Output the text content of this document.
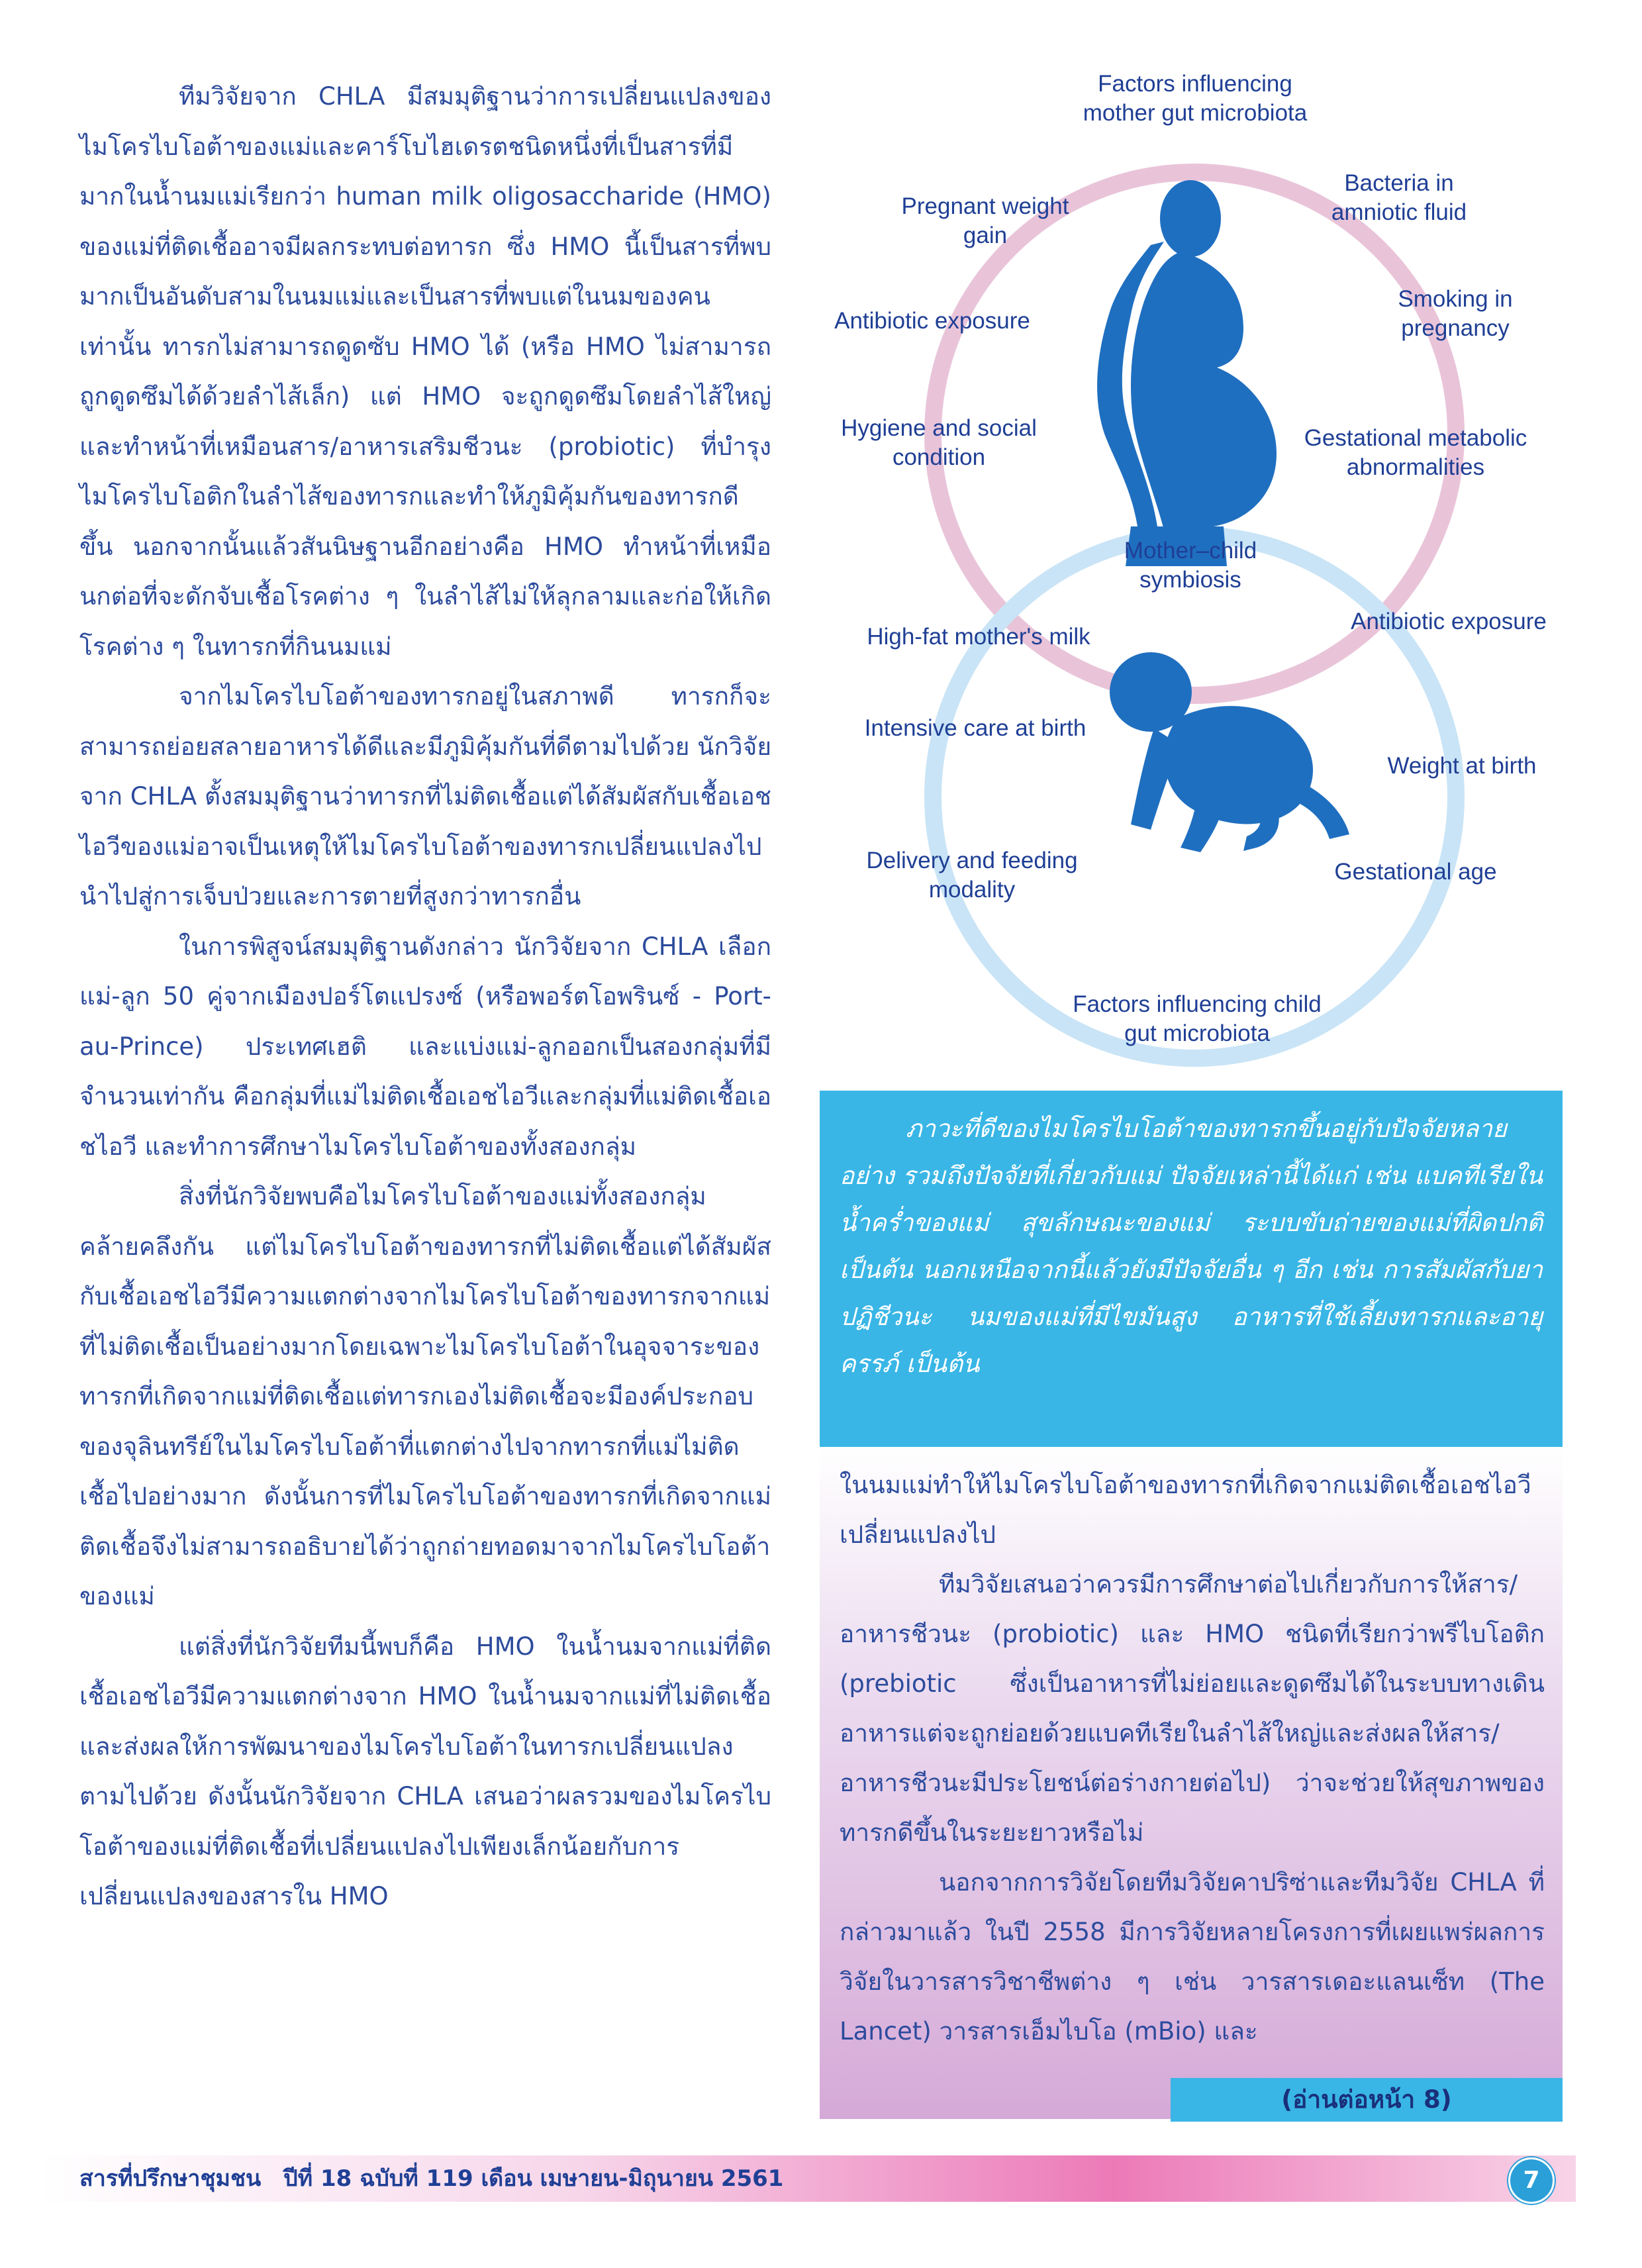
ทีมวิจัยจาก CHLA มีสมมุติฐานว่าการเปลี่ยนแปลงของไมโครไบโอต้าของแม่และคาร์โบไฮเดรตชนิดหนึ่งที่เป็นสารที่มีมากในน้ำนมแม่เรียกว่า human milk oligosaccharide (HMO) ของแม่ที่ติดเชื้ออาจมีผลกระทบต่อทารก ซึ่ง HMO นี้เป็นสารที่พบมากเป็นอันดับสามในนมแม่และเป็นสารที่พบแต่ในนมของคนเท่านั้น ทารกไม่สามารถดูดซับ HMO ได้ (หรือ HMO ไม่สามารถถูกดูดซึมได้ด้วยลำไส้เล็ก) แต่ HMO จะถูกดูดซึมโดยลำไส้ใหญ่และทำหน้าที่เหมือนสาร/อาหารเสริมชีวนะ (probiotic) ที่บำรุงไมโครไบโอติกในลำไส้ของทารกและทำให้ภูมิคุ้มกันของทารกดีขึ้น นอกจากนั้นแล้วสันนิษฐานอีกอย่างคือ HMO ทำหน้าที่เหมือนกต่อที่จะดักจับเชื้อโรคต่าง ๆ ในลำไส้ไม่ให้ลุกลามและก่อให้เกิดโรคต่าง ๆ ในทารกที่กินนมแม่

จากไมโครไบโอต้าของทารกอยู่ในสภาพดี ทารกก็จะสามารถย่อยสลายอาหารได้ดีและมีภูมิคุ้มกันที่ดีตามไปด้วย นักวิจัยจาก CHLA ตั้งสมมุติฐานว่าทารกที่ไม่ติดเชื้อแต่ได้สัมผัสกับเชื้อเอชไอวีของแม่อาจเป็นเหตุให้ไมโครไบโอต้าของทารกเปลี่ยนแปลงไป นำไปสู่การเจ็บป่วยและการตายที่สูงกว่าทารกอื่น

ในการพิสูจน์สมมุติฐานดังกล่าว นักวิจัยจาก CHLA เลือกแม่-ลูก 50 คู่จากเมืองปอร์โตแปรงซ์ (หรือพอร์ตโอพรินซ์ - Port-au-Prince) ประเทศเฮติ และแบ่งแม่-ลูกออกเป็นสองกลุ่มที่มีจำนวนเท่ากัน คือกลุ่มที่แม่ไม่ติดเชื้อเอชไอวีและกลุ่มที่แม่ติดเชื้อเอชไอวี และทำการศึกษาไมโครไบโอต้าของทั้งสองกลุ่ม

สิ่งที่นักวิจัยพบคือไมโครไบโอต้าของแม่ทั้งสองกลุ่มคล้ายคลึงกัน แต่ไมโครไบโอต้าของทารกที่ไม่ติดเชื้อแต่ได้สัมผัสกับเชื้อเอชไอวีมีความแตกต่างจากไมโครไบโอต้าของทารกจากแม่ที่ไม่ติดเชื้อเป็นอย่างมากโดยเฉพาะไมโครไบโอต้าในอุจจาระของทารกที่เกิดจากแม่ที่ติดเชื้อแต่ทารกเองไม่ติดเชื้อจะมีองค์ประกอบของจุลินทรีย์ในไมโครไบโอต้าที่แตกต่างไปจากทารกที่แม่ไม่ติดเชื้อไปอย่างมาก ดังนั้นการที่ไมโครไบโอต้าของทารกที่เกิดจากแม่ติดเชื้อจึงไม่สามารถอธิบายได้ว่าถูกถ่ายทอดมาจากไมโครไบโอต้าของแม่

แต่สิ่งที่นักวิจัยทีมนี้พบก็คือ HMO ในน้ำนมจากแม่ที่ติดเชื้อเอชไอวีมีความแตกต่างจาก HMO ในน้ำนมจากแม่ที่ไม่ติดเชื้อ และส่งผลให้การพัฒนาของไมโครไบโอต้าในทารกเปลี่ยนแปลงตามไปด้วย ดังนั้นนักวิจัยจาก CHLA เสนอว่าผลรวมของไมโครไบโอต้าของแม่ที่ติดเชื้อที่เปลี่ยนแปลงไปเพียงเล็กน้อยกับการเปลี่ยนแปลงของสารใน HMO

Factors influencing mother gut microbiota
Pregnant weight gain
Bacteria in amniotic fluid
Antibiotic exposure
Smoking in pregnancy
Hygiene and social condition
Gestational metabolic abnormalities
Mother–child symbiosis
High-fat mother's milk
Antibiotic exposure
Intensive care at birth
Weight at birth
Delivery and feeding modality
Gestational age
Factors influencing child gut microbiota

ภาวะที่ดีของไมโครไบโอต้าของทารกขึ้นอยู่กับปัจจัยหลายอย่าง รวมถึงปัจจัยที่เกี่ยวกับแม่ ปัจจัยเหล่านี้ได้แก่ เช่น แบคทีเรียในน้ำคร่ำของแม่ สุขลักษณะของแม่ ระบบขับถ่ายของแม่ที่ผิดปกติ เป็นต้น นอกเหนือจากนี้แล้วยังมีปัจจัยอื่น ๆ อีก เช่น การสัมผัสกับยาปฏิชีวนะ นมของแม่ที่มีไขมันสูง อาหารที่ใช้เลี้ยงทารกและอายุครรภ์ เป็นต้น

ในนมแม่ทำให้ไมโครไบโอต้าของทารกที่เกิดจากแม่ติดเชื้อเอชไอวีเปลี่ยนแปลงไป

ทีมวิจัยเสนอว่าควรมีการศึกษาต่อไปเกี่ยวกับการให้สาร/อาหารชีวนะ (probiotic) และ HMO ชนิดที่เรียกว่าพรีไบโอติก (prebiotic ซึ่งเป็นอาหารที่ไม่ย่อยและดูดซึมได้ในระบบทางเดินอาหารแต่จะถูกย่อยด้วยแบคทีเรียในลำไส้ใหญ่และส่งผลให้สาร/อาหารชีวนะมีประโยชน์ต่อร่างกายต่อไป) ว่าจะช่วยให้สุขภาพของทารกดีขึ้นในระยะยาวหรือไม่

นอกจากการวิจัยโดยทีมวิจัยคาปริซ่าและทีมวิจัย CHLA ที่กล่าวมาแล้ว ในปี 2558 มีการวิจัยหลายโครงการที่เผยแพร่ผลการวิจัยในวารสารวิชาชีพต่าง ๆ เช่น วารสารเดอะแลนเซ็ท (The Lancet) วารสารเอ็มไบโอ (mBio) และ

(อ่านต่อหน้า 8)
สารที่ปรึกษาชุมชน ปีที่ 18 ฉบับที่ 119 เดือน เมษายน-มิถุนายน 2561	7
